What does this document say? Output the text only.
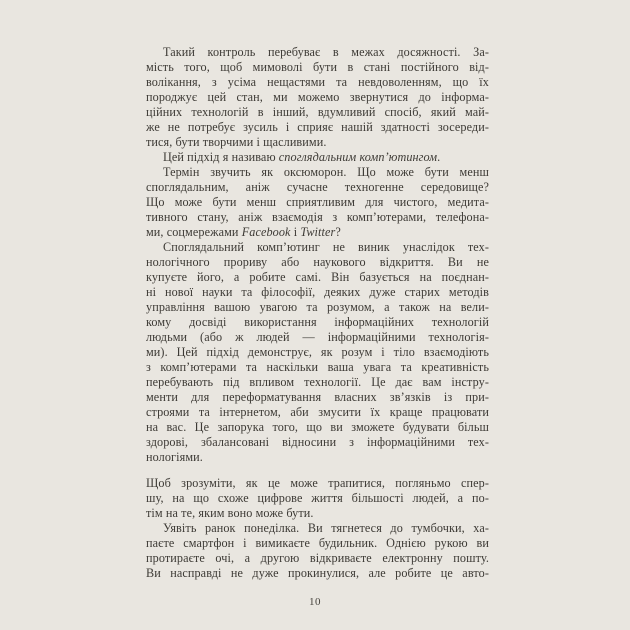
Такий контроль перебуває в межах досяжності. За-
мість того, щоб мимоволі бути в стані постійного від-
волікання, з усіма нещастями та невдоволенням, що їх
породжує цей стан, ми можемо звернутися до інформа-
ційних технологій в інший, вдумливий спосіб, який май-
же не потребує зусиль і сприяє нашій здатності зосереди-
тися, бути творчими і щасливими.
Цей підхід я називаю споглядальним комп’ютингом.
Термін звучить як оксюморон. Що може бути менш
споглядальним, аніж сучасне техногенне середовище?
Що може бути менш сприятливим для чистого, медита-
тивного стану, аніж взаємодія з комп’ютерами, телефона-
ми, соцмережами Facebook і Twitter?
Споглядальний комп’ютинг не виник унаслідок тех-
нологічного прориву або наукового відкриття. Ви не
купуєте його, а робите самі. Він базується на поєднан-
ні нової науки та філософії, деяких дуже старих методів
управління вашою увагою та розумом, а також на вели-
кому досвіді використання інформаційних технологій
людьми (або ж людей — інформаційними технологія-
ми). Цей підхід демонструє, як розум і тіло взаємодіють
з комп’ютерами та наскільки ваша увага та креативність
перебувають під впливом технології. Це дає вам інстру-
менти для переформатування власних зв’язків із при-
строями та інтернетом, аби змусити їх краще працювати
на вас. Це запорука того, що ви зможете будувати більш
здорові, збалансовані відносини з інформаційними тех-
нологіями.
Щоб зрозуміти, як це може трапитися, погляньмо спер-
шу, на що схоже цифрове життя більшості людей, а по-
тім на те, яким воно може бути.
Уявіть ранок понеділка. Ви тягнетеся до тумбочки, ха-
паєте смартфон і вимикаєте будильник. Однією рукою ви
протираєте очі, а другою відкриваєте електронну пошту.
Ви насправді не дуже прокинулися, але робите це авто-
10
